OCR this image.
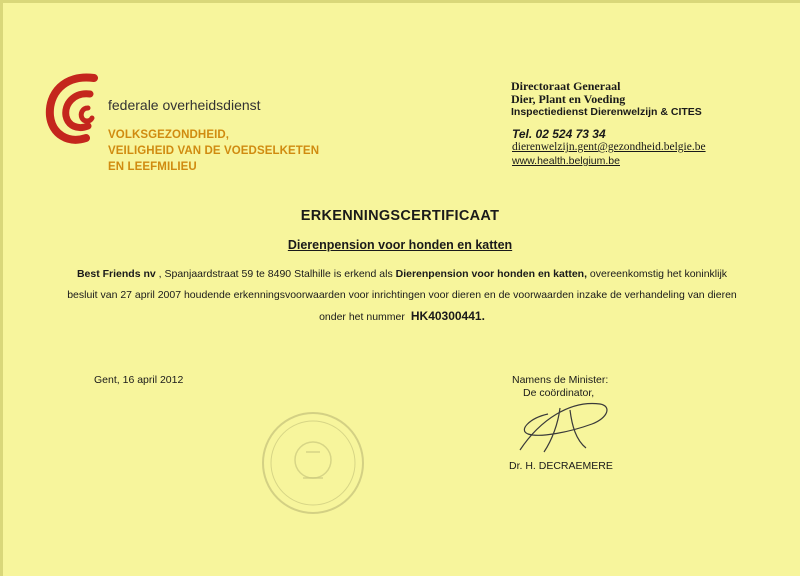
federale overheidsdienst
VOLKSGEZONDHEID,
VEILIGHEID VAN DE VOEDSELKETEN
EN LEEFMILIEU
Directoraat Generaal
Dier, Plant en Voeding
Inspectiedienst Dierenwelzijn & CITES
Tel. 02 524 73 34
dierenwelzijn.gent@gezondheid.belgie.be
www.health.belgium.be
ERKENNINGSCERTIFICAAT
Dierenpension voor honden en katten
Best Friends nv , Spanjaardstraat 59 te 8490 Stalhille is erkend als Dierenpension voor honden en katten, overeenkomstig het koninklijk
besluit van 27 april 2007 houdende erkenningsvoorwaarden voor inrichtingen voor dieren en de voorwaarden inzake de verhandeling van dieren
onder het nummer HK40300441.
Gent, 16 april 2012	Namens de Minister:
De coördinator,
Dr. H. DECRAEMERE
